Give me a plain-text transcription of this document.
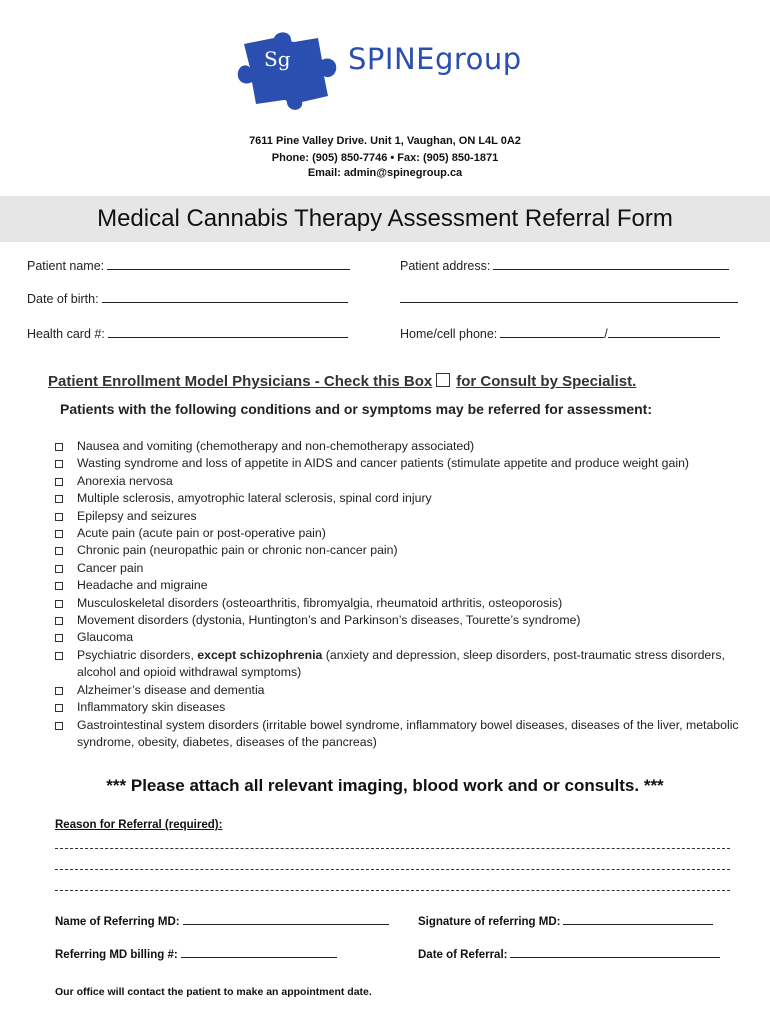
Sg SPINEgroup
7611 Pine Valley Drive. Unit 1, Vaughan, ON L4L 0A2
Phone: (905) 850-7746 • Fax: (905) 850-1871
Email: admin@spinegroup.ca
Medical Cannabis Therapy Assessment Referral Form
Patient name:	Patient address:
Date of birth:
Health card #:	Home/cell phone:	/
Patient Enrollment Model Physicians - Check this Box for Consult by Specialist.
Patients with the following conditions and or symptoms may be referred for assessment:
Nausea and vomiting (chemotherapy and non-chemotherapy associated)
Wasting syndrome and loss of appetite in AIDS and cancer patients (stimulate appetite and produce weight gain)
Anorexia nervosa
Multiple sclerosis, amyotrophic lateral sclerosis, spinal cord injury
Epilepsy and seizures
Acute pain (acute pain or post-operative pain)
Chronic pain (neuropathic pain or chronic non-cancer pain)
Cancer pain
Headache and migraine
Musculoskeletal disorders (osteoarthritis, fibromyalgia, rheumatoid arthritis, osteoporosis)
Movement disorders (dystonia, Huntington’s and Parkinson’s diseases, Tourette’s syndrome)
Glaucoma
Psychiatric disorders, except schizophrenia (anxiety and depression, sleep disorders, post-traumatic stress disorders, alcohol and opioid withdrawal symptoms)
Alzheimer’s disease and dementia
Inflammatory skin diseases
Gastrointestinal system disorders (irritable bowel syndrome, inflammatory bowel diseases, diseases of the liver, metabolic syndrome, obesity, diabetes, diseases of the pancreas)
*** Please attach all relevant imaging, blood work and or consults. ***
Reason for Referral (required):
Name of Referring MD:	Signature of referring MD:
Referring MD billing #:	Date of Referral:
Our office will contact the patient to make an appointment date.
